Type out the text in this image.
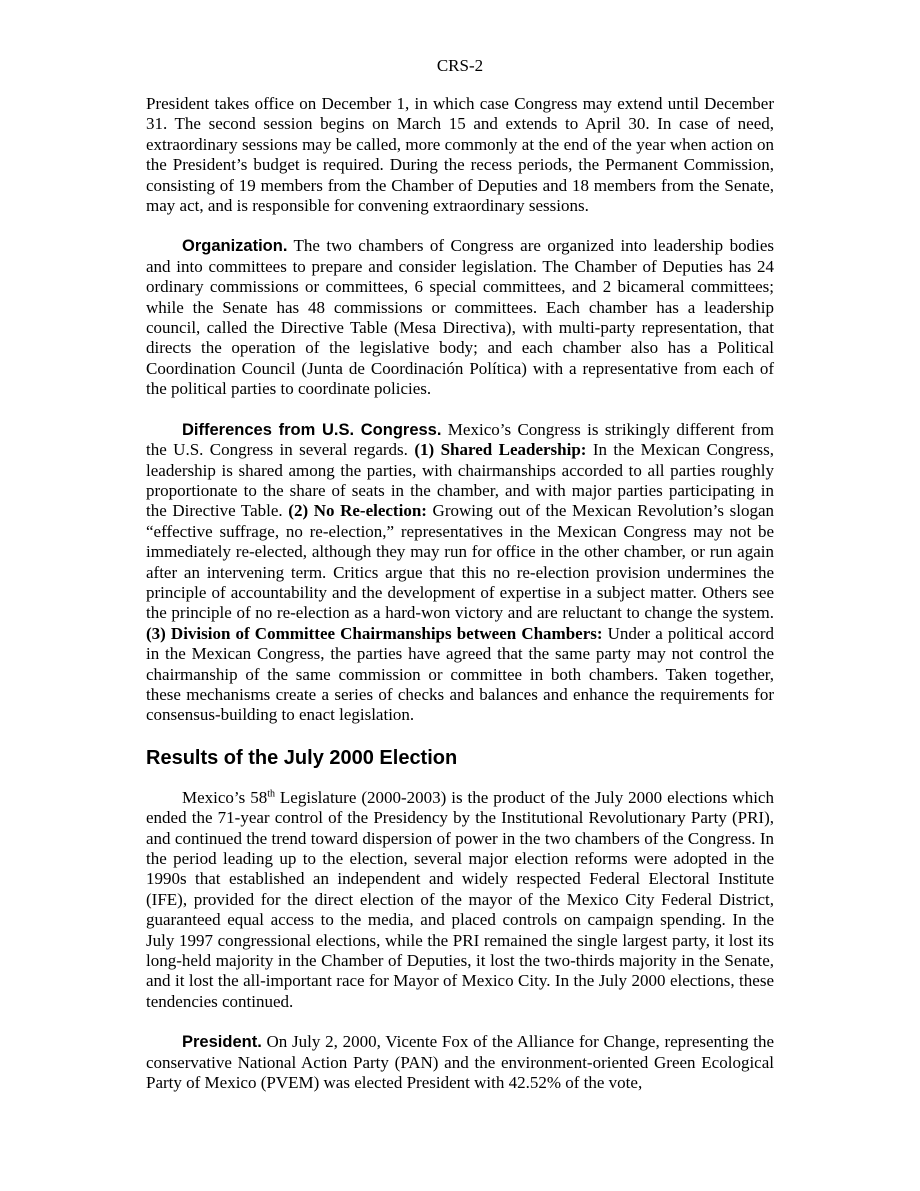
CRS-2

President takes office on December 1, in which case Congress may extend until December 31. The second session begins on March 15 and extends to April 30. In case of need, extraordinary sessions may be called, more commonly at the end of the year when action on the President’s budget is required. During the recess periods, the Permanent Commission, consisting of 19 members from the Chamber of Deputies and 18 members from the Senate, may act, and is responsible for convening extraordinary sessions.

Organization. The two chambers of Congress are organized into leadership bodies and into committees to prepare and consider legislation. The Chamber of Deputies has 24 ordinary commissions or committees, 6 special committees, and 2 bicameral committees; while the Senate has 48 commissions or committees. Each chamber has a leadership council, called the Directive Table (Mesa Directiva), with multi-party representation, that directs the operation of the legislative body; and each chamber also has a Political Coordination Council (Junta de Coordinación Política) with a representative from each of the political parties to coordinate policies.

Differences from U.S. Congress. Mexico’s Congress is strikingly different from the U.S. Congress in several regards. (1) Shared Leadership: In the Mexican Congress, leadership is shared among the parties, with chairmanships accorded to all parties roughly proportionate to the share of seats in the chamber, and with major parties participating in the Directive Table. (2) No Re-election: Growing out of the Mexican Revolution’s slogan “effective suffrage, no re-election,” representatives in the Mexican Congress may not be immediately re-elected, although they may run for office in the other chamber, or run again after an intervening term. Critics argue that this no re-election provision undermines the principle of accountability and the development of expertise in a subject matter. Others see the principle of no re-election as a hard-won victory and are reluctant to change the system. (3) Division of Committee Chairmanships between Chambers: Under a political accord in the Mexican Congress, the parties have agreed that the same party may not control the chairmanship of the same commission or committee in both chambers. Taken together, these mechanisms create a series of checks and balances and enhance the requirements for consensus-building to enact legislation.

Results of the July 2000 Election

Mexico’s 58th Legislature (2000-2003) is the product of the July 2000 elections which ended the 71-year control of the Presidency by the Institutional Revolutionary Party (PRI), and continued the trend toward dispersion of power in the two chambers of the Congress. In the period leading up to the election, several major election reforms were adopted in the 1990s that established an independent and widely respected Federal Electoral Institute (IFE), provided for the direct election of the mayor of the Mexico City Federal District, guaranteed equal access to the media, and placed controls on campaign spending. In the July 1997 congressional elections, while the PRI remained the single largest party, it lost its long-held majority in the Chamber of Deputies, it lost the two-thirds majority in the Senate, and it lost the all-important race for Mayor of Mexico City. In the July 2000 elections, these tendencies continued.

President. On July 2, 2000, Vicente Fox of the Alliance for Change, representing the conservative National Action Party (PAN) and the environment-oriented Green Ecological Party of Mexico (PVEM) was elected President with 42.52% of the vote,
